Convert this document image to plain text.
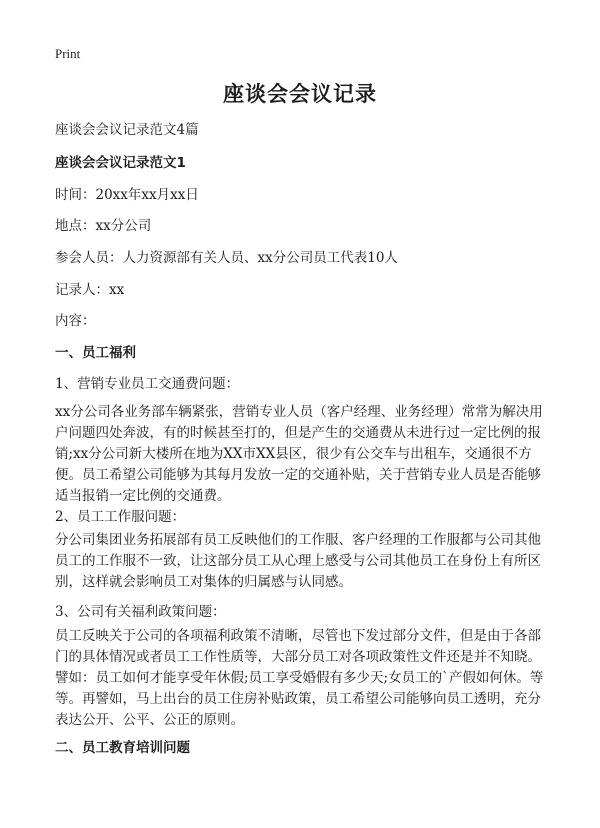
Print
座谈会会议记录
座谈会会议记录范文4篇
座谈会会议记录范文1
时间：20xx年xx月xx日
地点：xx分公司
参会人员：人力资源部有关人员、xx分公司员工代表10人
记录人：xx
内容：
一、员工福利
1、营销专业员工交通费问题：
xx分公司各业务部车辆紧张，营销专业人员（客户经理、业务经理）常常为解决用
户问题四处奔波，有的时候甚至打的，但是产生的交通费从未进行过一定比例的报
销;xx分公司新大楼所在地为XX市XX县区，很少有公交车与出租车，交通很不方
便。员工希望公司能够为其每月发放一定的交通补贴，关于营销专业人员是否能够
适当报销一定比例的交通费。
2、员工工作服问题：
分公司集团业务拓展部有员工反映他们的工作服、客户经理的工作服都与公司其他
员工的工作服不一致，让这部分员工从心理上感受与公司其他员工在身份上有所区
别，这样就会影响员工对集体的归属感与认同感。
3、公司有关福利政策问题：
员工反映关于公司的各项福利政策不清晰，尽管也下发过部分文件，但是由于各部
门的具体情况或者员工工作性质等，大部分员工对各项政策性文件还是并不知晓。
譬如：员工如何才能享受年休假;员工享受婚假有多少天;女员工的`产假如何休。等
等。再譬如，马上出台的员工住房补贴政策，员工希望公司能够向员工透明，充分
表达公开、公平、公正的原则。
二、员工教育培训问题
